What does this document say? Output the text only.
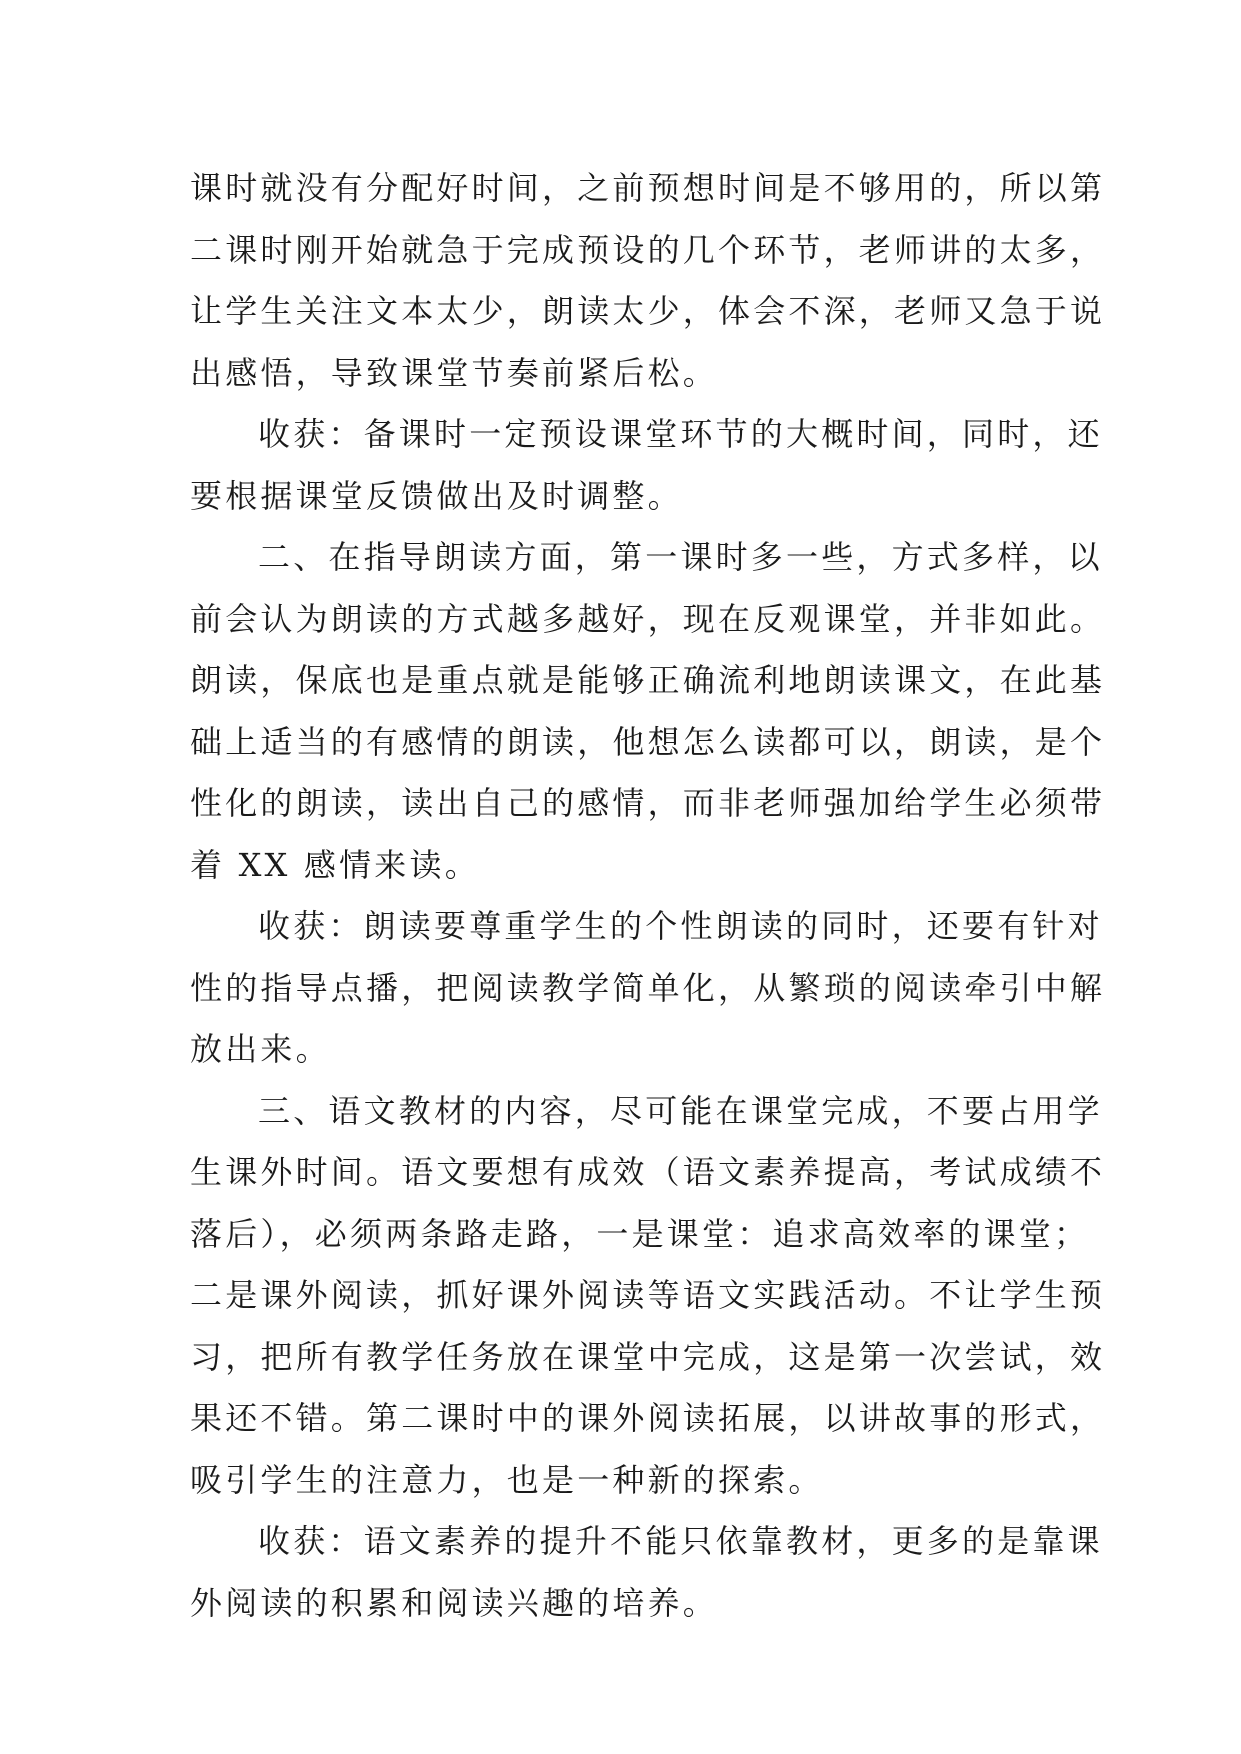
课时就没有分配好时间，之前预想时间是不够用的，所以第
二课时刚开始就急于完成预设的几个环节，老师讲的太多，
让学生关注文本太少，朗读太少，体会不深，老师又急于说
出感悟，导致课堂节奏前紧后松。
收获：备课时一定预设课堂环节的大概时间，同时，还
要根据课堂反馈做出及时调整。
二、在指导朗读方面，第一课时多一些，方式多样，以
前会认为朗读的方式越多越好，现在反观课堂，并非如此。
朗读，保底也是重点就是能够正确流利地朗读课文，在此基
础上适当的有感情的朗读，他想怎么读都可以，朗读，是个
性化的朗读，读出自己的感情，而非老师强加给学生必须带
着 XX 感情来读。
收获：朗读要尊重学生的个性朗读的同时，还要有针对
性的指导点播，把阅读教学简单化，从繁琐的阅读牵引中解
放出来。
三、语文教材的内容，尽可能在课堂完成，不要占用学
生课外时间。语文要想有成效（语文素养提高，考试成绩不
落后），必须两条路走路，一是课堂：追求高效率的课堂；
二是课外阅读，抓好课外阅读等语文实践活动。不让学生预
习，把所有教学任务放在课堂中完成，这是第一次尝试，效
果还不错。第二课时中的课外阅读拓展，以讲故事的形式，
吸引学生的注意力，也是一种新的探索。
收获：语文素养的提升不能只依靠教材，更多的是靠课
外阅读的积累和阅读兴趣的培养。
